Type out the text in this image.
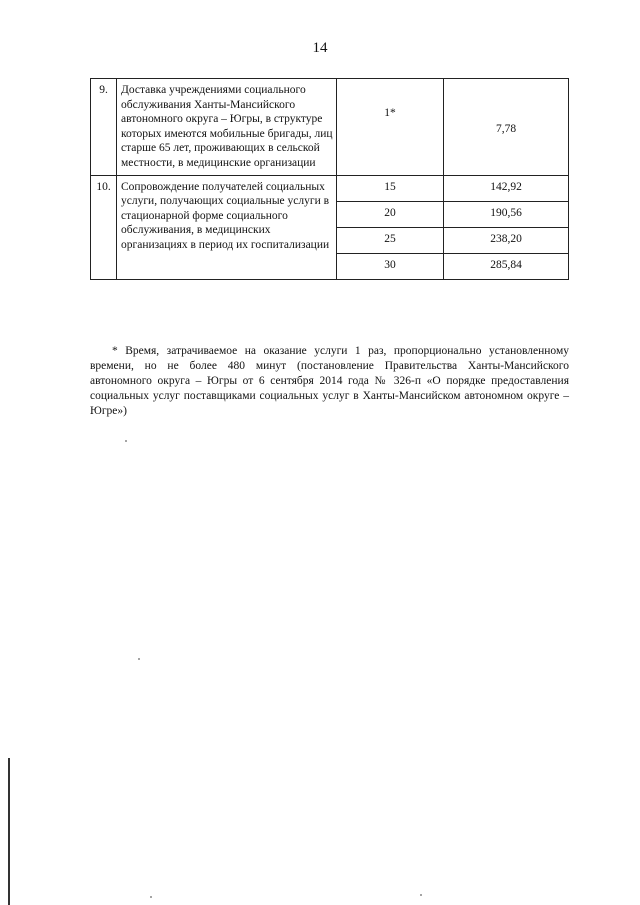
14
9.	Доставка учреждениями социального обслуживания Ханты-Мансийского автономного округа – Югры, в структуре которых имеются мобильные бригады, лиц старше 65 лет, проживающих в сельской местности, в медицинские организации	1*	7,78
10.	Сопровождение получателей социальных услуги, получающих социальные услуги в стационарной форме социального обслуживания, в медицинских организациях в период их госпитализации	15	142,92
		20	190,56
		25	238,20
		30	285,84
* Время, затрачиваемое на оказание услуги 1 раз, пропорционально установленному времени, но не более 480 минут (постановление Правительства Ханты-Мансийского автономного округа – Югры от 6 сентября 2014 года № 326-п «О порядке предоставления социальных услуг поставщиками социальных услуг в Ханты-Мансийском автономном округе – Югре»)
